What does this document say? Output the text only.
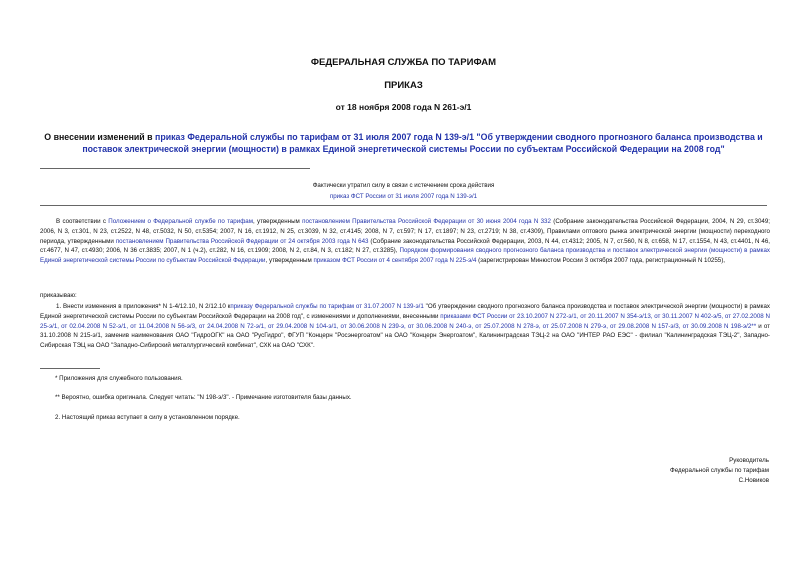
ФЕДЕРАЛЬНАЯ СЛУЖБА ПО ТАРИФАМ
ПРИКАЗ
от 18 ноября 2008 года N 261-э/1
О внесении изменений в приказ Федеральной службы по тарифам от 31 июля 2007 года N 139-э/1 "Об утверждении сводного прогнозного баланса производства и поставок электрической энергии (мощности) в рамках Единой энергетической системы России по субъектам Российской Федерации на 2008 год"
Фактически утратил силу в связи с истечением срока действия
приказ ФСТ России от 31 июля 2007 года N 139-э/1
В соответствии с Положением о Федеральной службе по тарифам, утвержденным постановлением Правительства Российской Федерации от 30 июня 2004 года N 332 (Собрание законодательства Российской Федерации, 2004, N 29, ст.3049; 2006, N 3, ст.301, N 23, ст.2522, N 48, ст.5032, N 50, ст.5354; 2007, N 16, ст.1912, N 25, ст.3039, N 32, ст.4145; 2008, N 7, ст.597; N 17, ст.1897; N 23, ст.2719; N 38, ст.4309), Правилами оптового рынка электрической энергии (мощности) переходного периода, утвержденными постановлением Правительства Российской Федерации от 24 октября 2003 года N 643 (Собрание законодательства Российской Федерации, 2003, N 44, ст.4312; 2005, N 7, ст.560, N 8, ст.658, N 17, ст.1554, N 43, ст.4401, N 46, ст.4677, N 47, ст.4930; 2006, N 36 ст.3835; 2007, N 1 (ч.2), ст.282, N 16, ст.1909; 2008, N 2, ст.84, N 3, ст.182; N 27, ст.3285), Порядком формирования сводного прогнозного баланса производства и поставок электрической энергии (мощности) в рамках Единой энергетической системы России по субъектам Российской Федерации, утвержденным приказом ФСТ России от 4 сентября 2007 года N 225-э/4 (зарегистрирован Минюстом России 3 октября 2007 года, регистрационный N 10255),
приказываю:
1. Внести изменения в приложения* N 1-4/12.10, N 2/12.10 кприказу Федеральной службы по тарифам от 31.07.2007 N 139-э/1 "Об утверждении сводного прогнозного баланса производства и поставок электрической энергии (мощности) в рамках Единой энергетической системы России по субъектам Российской Федерации на 2008 год", с изменениями и дополнениями, внесенными приказами ФСТ России от 23.10.2007 N 272-э/1, от 20.11.2007 N 354-э/13, от 30.11.2007 N 402-э/5, от 27.02.2008 N 25-э/1, от 02.04.2008 N 52-э/1, от 11.04.2008 N 56-э/3, от 24.04.2008 N 72-э/1, от 29.04.2008 N 104-э/1, от 30.06.2008 N 239-э, от 30.06.2008 N 240-э, от 25.07.2008 N 278-э, от 25.07.2008 N 279-э, от 29.08.2008 N 157-э/3, от 30.09.2008 N 198-э/2** и от 31.10.2008 N 215-э/1, заменив наименования ОАО "ГидроОГК" на ОАО "РусГидро", ФГУП "Концерн "Росэнергоатом" на ОАО "Концерн Энергоатом", Калининградская ТЭЦ-2 на ОАО "ИНТЕР РАО ЕЭС" - филиал "Калининградская ТЭЦ-2", Западно-Сибирская ТЭЦ на ОАО "Западно-Сибирский металлургический комбинат", СХК на ОАО "СХК".
* Приложения для служебного пользования.
** Вероятно, ошибка оригинала. Следует читать: "N 198-э/3". - Примечание изготовителя базы данных.
2. Настоящий приказ вступает в силу в установленном порядке.
Руководитель
Федеральной службы по тарифам
С.Новиков
